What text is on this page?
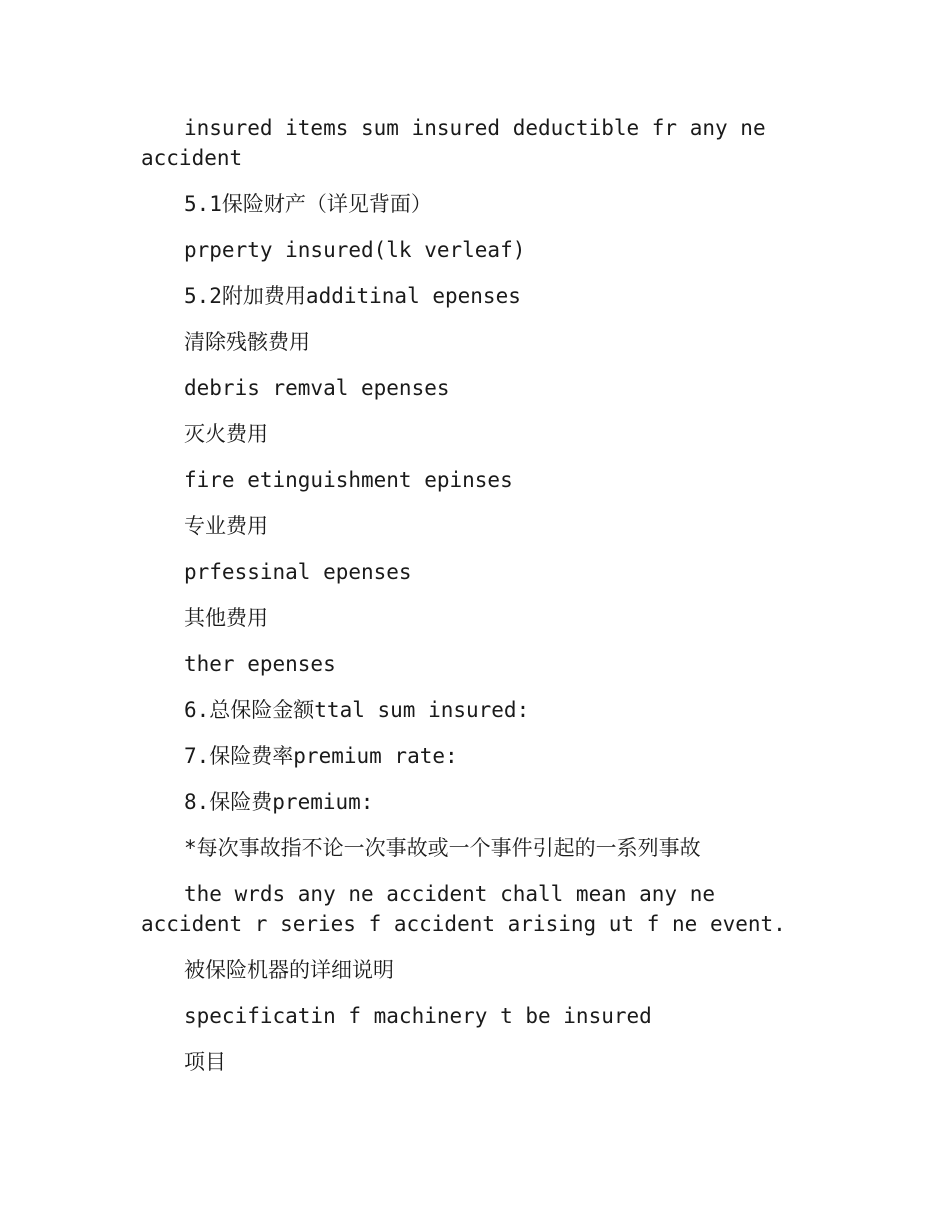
insured items sum insured deductible fr any ne
accident

5.1保险财产（详见背面）

prperty insured(lk verleaf)

5.2附加费用additinal epenses

清除残骸费用

debris remval epenses

灭火费用

fire etinguishment epinses

专业费用

prfessinal epenses

其他费用

ther epenses

6.总保险金额ttal sum insured:

7.保险费率premium rate:

8.保险费premium:

*每次事故指不论一次事故或一个事件引起的一系列事故

the wrds any ne accident chall mean any ne
accident r series f accident arising ut f ne event.

被保险机器的详细说明

specificatin f machinery t be insured

项目
